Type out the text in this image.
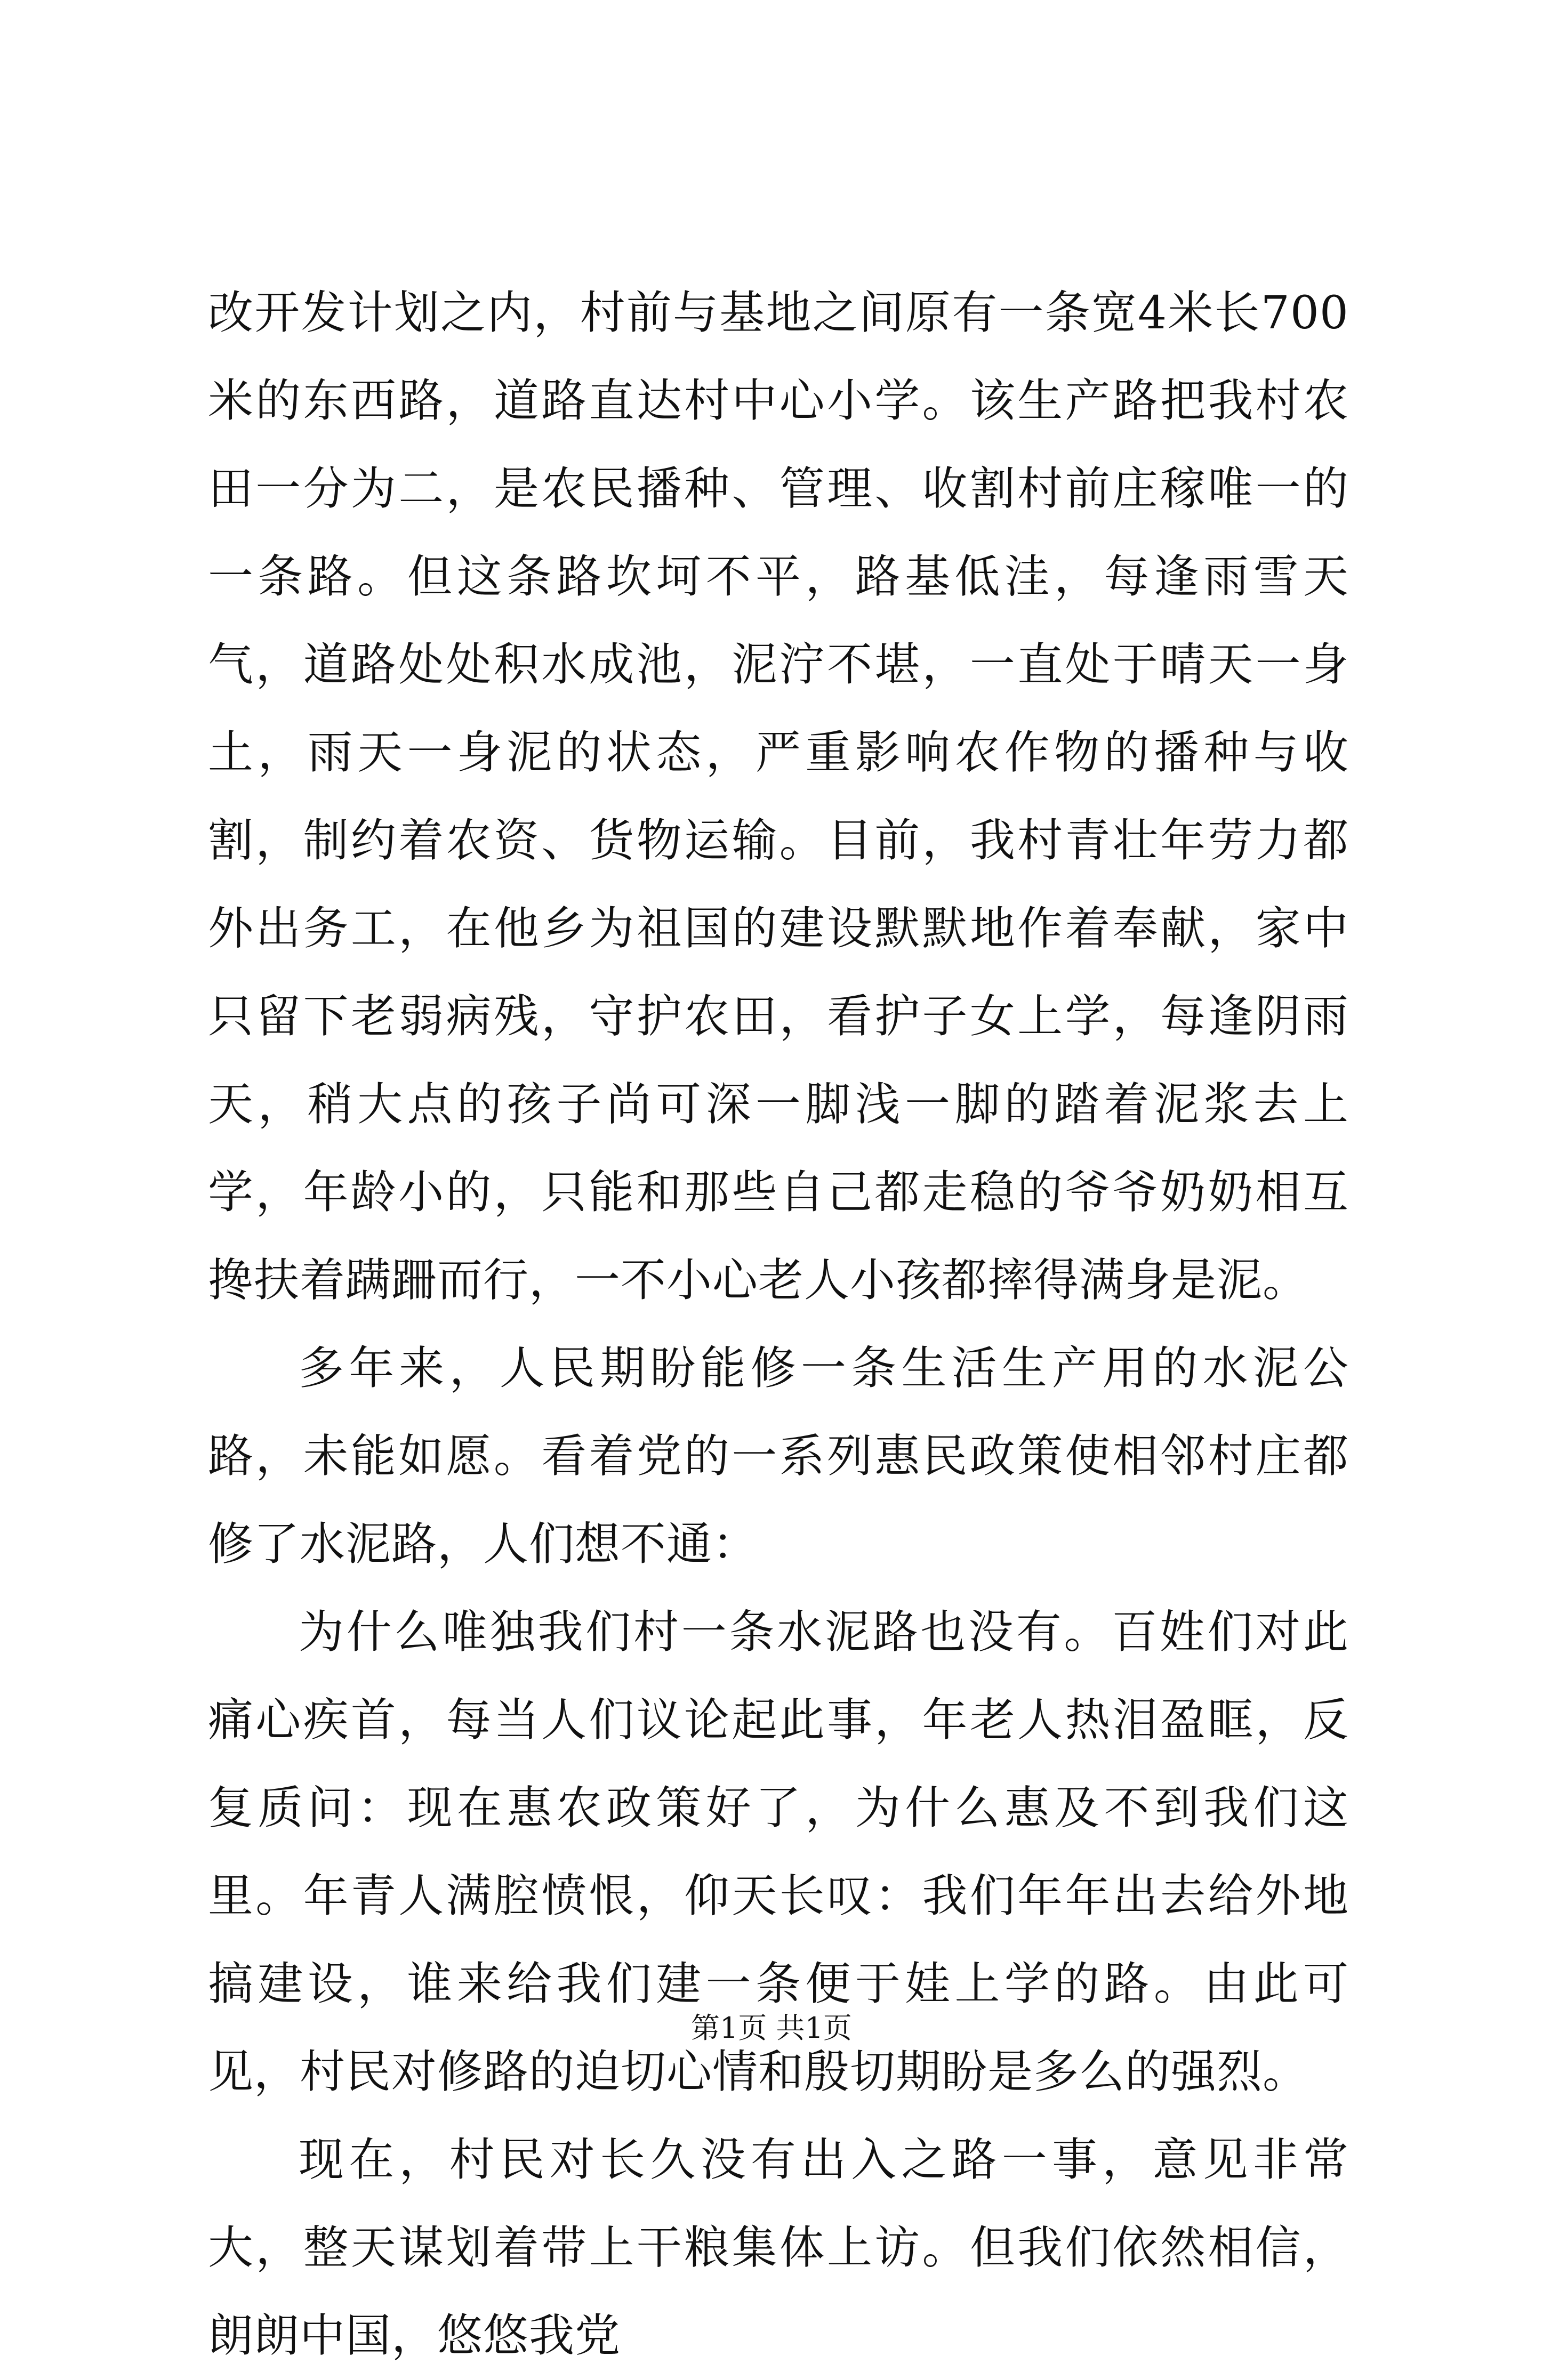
改开发计划之内，村前与基地之间原有一条宽4米长700米的东西路，道路直达村中心小学。该生产路把我村农田一分为二，是农民播种、管理、收割村前庄稼唯一的一条路。但这条路坎坷不平，路基低洼，每逢雨雪天气，道路处处积水成池，泥泞不堪，一直处于晴天一身土，雨天一身泥的状态，严重影响农作物的播种与收割，制约着农资、货物运输。目前，我村青壮年劳力都外出务工，在他乡为祖国的建设默默地作着奉献，家中只留下老弱病残，守护农田，看护子女上学，每逢阴雨天，稍大点的孩子尚可深一脚浅一脚的踏着泥浆去上学，年龄小的，只能和那些自己都走稳的爷爷奶奶相互搀扶着蹒跚而行，一不小心老人小孩都摔得满身是泥。

多年来，人民期盼能修一条生活生产用的水泥公路，未能如愿。看着党的一系列惠民政策使相邻村庄都修了水泥路，人们想不通：

为什么唯独我们村一条水泥路也没有。百姓们对此痛心疾首，每当人们议论起此事，年老人热泪盈眶，反复质问：现在惠农政策好了，为什么惠及不到我们这里。年青人满腔愤恨，仰天长叹：我们年年出去给外地搞建设，谁来给我们建一条便于娃上学的路。由此可见，村民对修路的迫切心情和殷切期盼是多么的强烈。

现在，村民对长久没有出入之路一事，意见非常大，整天谋划着带上干粮集体上访。但我们依然相信，朗朗中国，悠悠我党

第1页 共1页
